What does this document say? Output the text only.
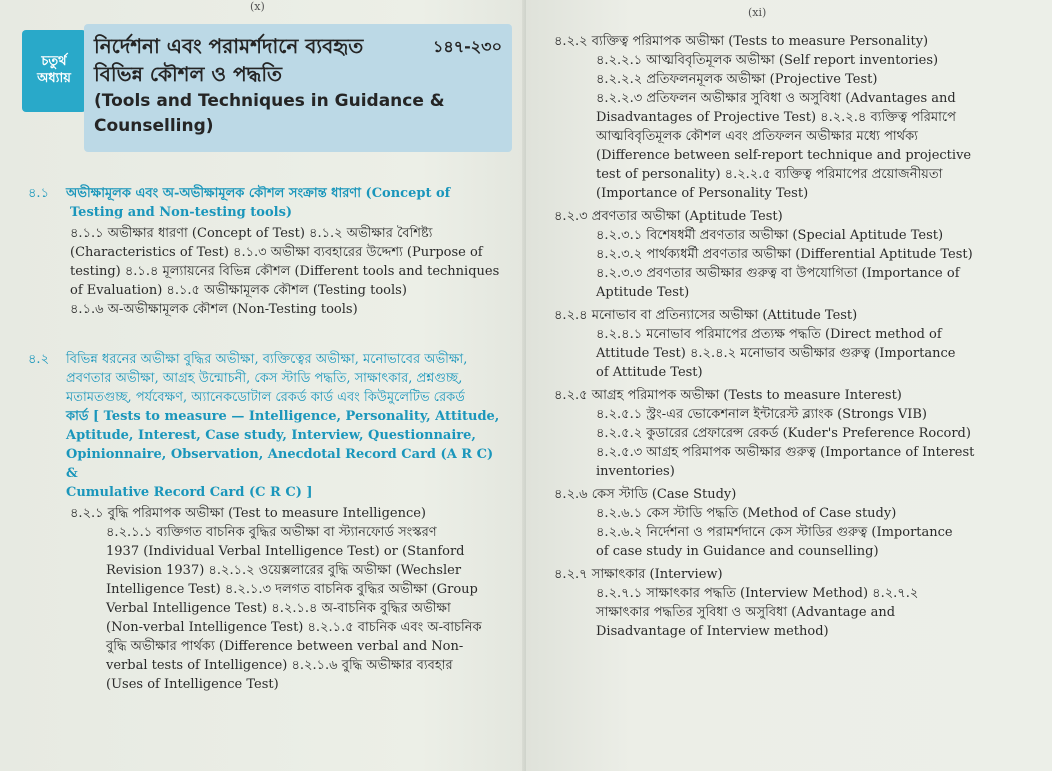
(x)
চতুর্থ
অধ্যায়
১৪৭-২৩০
নির্দেশনা এবং পরামর্শদানে ব্যবহৃত
বিভিন্ন কৌশল ও পদ্ধতি
(Tools and Techniques in Guidance &
Counselling)
৪.১ অভীক্ষামূলক এবং অ-অভীক্ষামূলক কৌশল সংক্রান্ত ধারণা (Concept of
Testing and Non-testing tools)

৪.১.১ অভীক্ষার ধারণা (Concept of Test) ৪.১.২ অভীক্ষার বৈশিষ্ট্য

(Characteristics of Test) ৪.১.৩ অভীক্ষা ব্যবহারের উদ্দেশ্য (Purpose of

testing) ৪.১.৪ মূল্যায়নের বিভিন্ন কৌশল (Different tools and techniques

of Evaluation) ৪.১.৫ অভীক্ষামূলক কৌশল (Testing tools)

৪.১.৬ অ-অভীক্ষামূলক কৌশল (Non-Testing tools)

৪.২	বিভিন্ন ধরনের অভীক্ষা বুদ্ধির অভীক্ষা, ব্যক্তিত্বের অভীক্ষা, মনোভাবের অভীক্ষা,

প্রবণতার অভীক্ষা, আগ্রহ উন্মোচনী, কেস স্টাডি পদ্ধতি, সাক্ষাৎকার, প্রশ্নগুচ্ছ,

মতামতগুচ্ছ, পর্যবেক্ষণ, অ্যানেকডোটাল রেকর্ড কার্ড এবং কিউমুলেটিভ রেকর্ড

কার্ড [ Tests to measure — Intelligence, Personality, Attitude,

Aptitude, Interest, Case study, Interview, Questionnaire,

Opinionnaire, Observation, Anecdotal Record Card (A R C) &

Cumulative Record Card (C R C) ]

৪.২.১ বুদ্ধি পরিমাপক অভীক্ষা (Test to measure Intelligence)

৪.২.১.১ ব্যক্তিগত বাচনিক বুদ্ধির অভীক্ষা বা স্ট্যানফোর্ড সংস্করণ

1937 (Individual Verbal Intelligence Test) or (Stanford

Revision 1937) ৪.২.১.২ ওয়েক্সলারের বুদ্ধি অভীক্ষা (Wechsler

Intelligence Test) ৪.২.১.৩ দলগত বাচনিক বুদ্ধির অভীক্ষা (Group

Verbal Intelligence Test) ৪.২.১.৪ অ-বাচনিক বুদ্ধির অভীক্ষা

(Non-verbal Intelligence Test) ৪.২.১.৫ বাচনিক এবং অ-বাচনিক

বুদ্ধি অভীক্ষার পার্থক্য (Difference between verbal and Non-

verbal tests of Intelligence) ৪.২.১.৬ বুদ্ধি অভীক্ষার ব্যবহার

(Uses of Intelligence Test)

(xi)

৪.২.২ ব্যক্তিত্ব পরিমাপক অভীক্ষা (Tests to measure Personality)

৪.২.২.১ আত্মবিবৃতিমূলক অভীক্ষা (Self report inventories)

৪.২.২.২ প্রতিফলনমূলক অভীক্ষা (Projective Test)

৪.২.২.৩ প্রতিফলন অভীক্ষার সুবিধা ও অসুবিধা (Advantages and

Disadvantages of Projective Test) ৪.২.২.৪ ব্যক্তিত্ব পরিমাপে

আত্মবিবৃতিমূলক কৌশল এবং প্রতিফলন অভীক্ষার মধ্যে পার্থক্য

(Difference between self-report technique and projective

test of personality) ৪.২.২.৫ ব্যক্তিত্ব পরিমাপের প্রয়োজনীয়তা

(Importance of Personality Test)

৪.২.৩ প্রবণতার অভীক্ষা (Aptitude Test)

৪.২.৩.১ বিশেষধর্মী প্রবণতার অভীক্ষা (Special Aptitude Test)

৪.২.৩.২ পার্থক্যধর্মী প্রবণতার অভীক্ষা (Differential Aptitude Test)

৪.২.৩.৩ প্রবণতার অভীক্ষার গুরুত্ব বা উপযোগিতা (Importance of

Aptitude Test)

৪.২.৪ মনোভাব বা প্রতিন্যাসের অভীক্ষা (Attitude Test)

৪.২.৪.১ মনোভাব পরিমাপের প্রত্যক্ষ পদ্ধতি (Direct method of

Attitude Test) ৪.২.৪.২ মনোভাব অভীক্ষার গুরুত্ব (Importance

of Attitude Test)

৪.২.৫ আগ্রহ পরিমাপক অভীক্ষা (Tests to measure Interest)

৪.২.৫.১ স্ট্রং-এর ভোকেশনাল ইন্টারেস্ট ব্ল্যাংক (Strongs VIB)

৪.২.৫.২ কুডারের প্রেফারেন্স রেকর্ড (Kuder's Preference Rocord)

৪.২.৫.৩ আগ্রহ পরিমাপক অভীক্ষার গুরুত্ব (Importance of Interest

inventories)

৪.২.৬ কেস স্টাডি (Case Study)

৪.২.৬.১ কেস স্টাডি পদ্ধতি (Method of Case study)

৪.২.৬.২ নির্দেশনা ও পরামর্শদানে কেস স্টাডির গুরুত্ব (Importance

of case study in Guidance and counselling)

৪.২.৭ সাক্ষাৎকার (Interview)

৪.২.৭.১ সাক্ষাৎকার পদ্ধতি (Interview Method) ৪.২.৭.২

সাক্ষাৎকার পদ্ধতির সুবিধা ও অসুবিধা (Advantage and

Disadvantage of Interview method)
